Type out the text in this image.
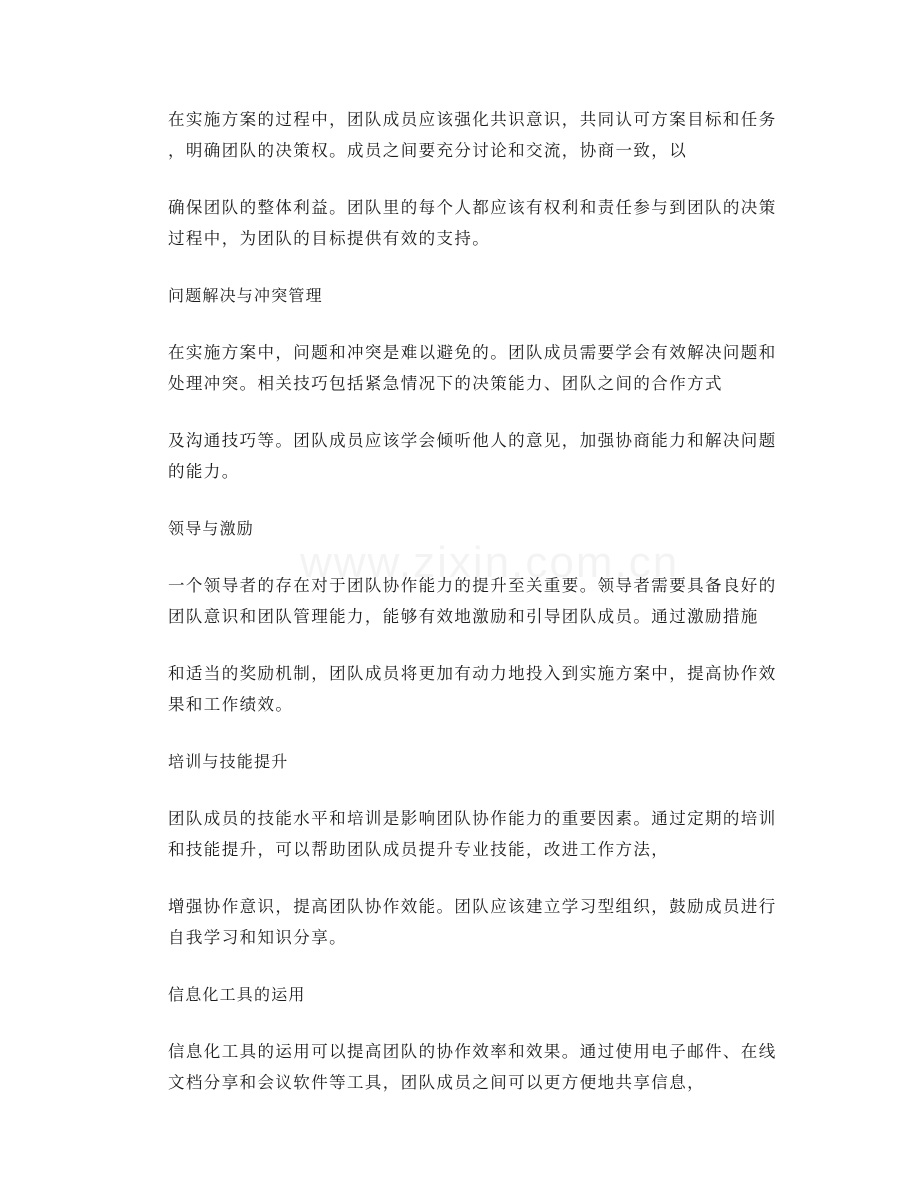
在实施方案的过程中，团队成员应该强化共识意识，共同认可方案目标和任务
，明确团队的决策权。成员之间要充分讨论和交流，协商一致，以
确保团队的整体利益。团队里的每个人都应该有权利和责任参与到团队的决策
过程中，为团队的目标提供有效的支持。
问题解决与冲突管理
在实施方案中，问题和冲突是难以避免的。团队成员需要学会有效解决问题和
处理冲突。相关技巧包括紧急情况下的决策能力、团队之间的合作方式
及沟通技巧等。团队成员应该学会倾听他人的意见，加强协商能力和解决问题
的能力。
领导与激励
一个领导者的存在对于团队协作能力的提升至关重要。领导者需要具备良好的
团队意识和团队管理能力，能够有效地激励和引导团队成员。通过激励措施
和适当的奖励机制，团队成员将更加有动力地投入到实施方案中，提高协作效
果和工作绩效。
培训与技能提升
团队成员的技能水平和培训是影响团队协作能力的重要因素。通过定期的培训
和技能提升，可以帮助团队成员提升专业技能，改进工作方法，
增强协作意识，提高团队协作效能。团队应该建立学习型组织，鼓励成员进行
自我学习和知识分享。
信息化工具的运用
信息化工具的运用可以提高团队的协作效率和效果。通过使用电子邮件、在线
文档分享和会议软件等工具，团队成员之间可以更方便地共享信息，
